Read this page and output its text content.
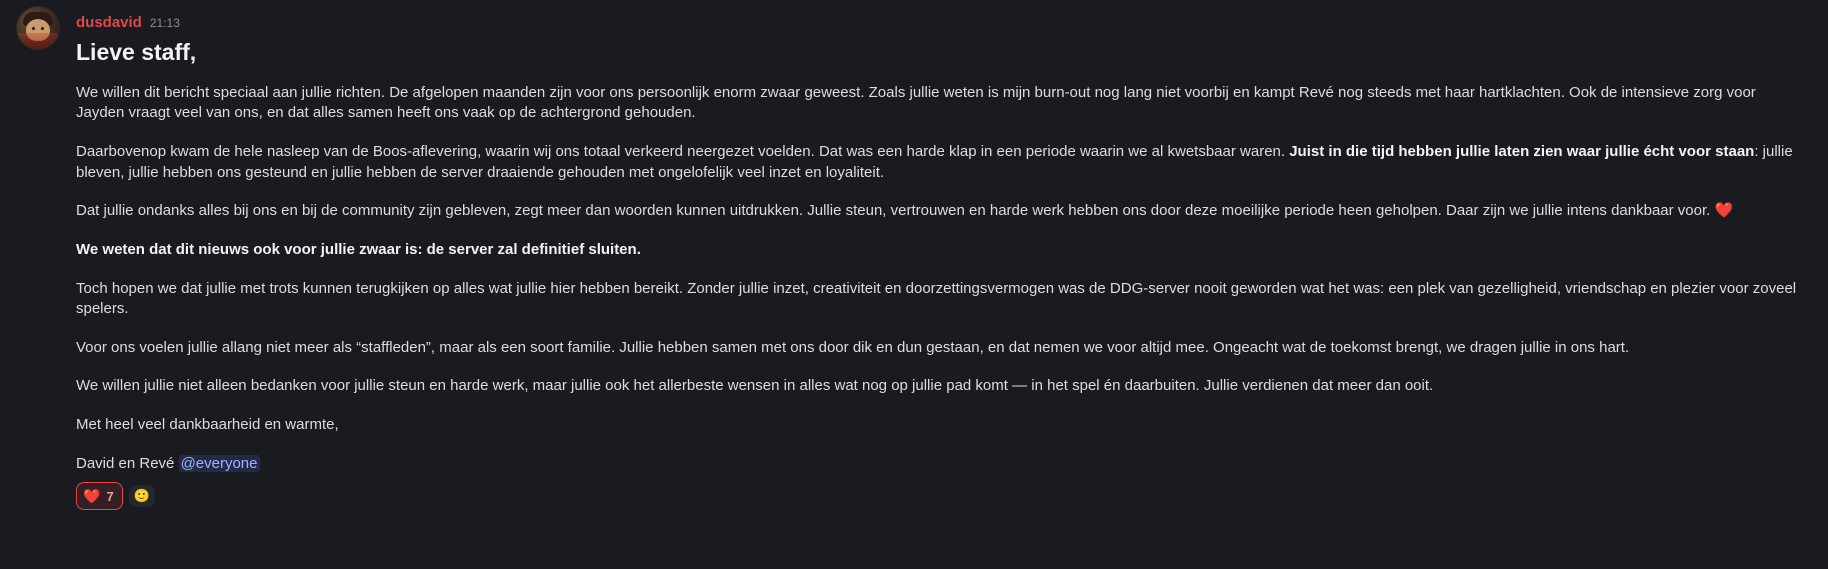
dusdavid 21:13
Lieve staff,
We willen dit bericht speciaal aan jullie richten. De afgelopen maanden zijn voor ons persoonlijk enorm zwaar geweest. Zoals jullie weten is mijn burn-out nog lang niet voorbij en kampt Revé nog steeds met haar hartklachten. Ook de intensieve zorg voor Jayden vraagt veel van ons, en dat alles samen heeft ons vaak op de achtergrond gehouden.
Daarbovenop kwam de hele nasleep van de Boos-aflevering, waarin wij ons totaal verkeerd neergezet voelden. Dat was een harde klap in een periode waarin we al kwetsbaar waren. Juist in die tijd hebben jullie laten zien waar jullie écht voor staan: jullie bleven, jullie hebben ons gesteund en jullie hebben de server draaiende gehouden met ongelofelijk veel inzet en loyaliteit.
Dat jullie ondanks alles bij ons en bij de community zijn gebleven, zegt meer dan woorden kunnen uitdrukken. Jullie steun, vertrouwen en harde werk hebben ons door deze moeilijke periode heen geholpen. Daar zijn we jullie intens dankbaar voor. ❤️
We weten dat dit nieuws ook voor jullie zwaar is: de server zal definitief sluiten.
Toch hopen we dat jullie met trots kunnen terugkijken op alles wat jullie hier hebben bereikt. Zonder jullie inzet, creativiteit en doorzettingsvermogen was de DDG-server nooit geworden wat het was: een plek van gezelligheid, vriendschap en plezier voor zoveel spelers.
Voor ons voelen jullie allang niet meer als “staffleden”, maar als een soort familie. Jullie hebben samen met ons door dik en dun gestaan, en dat nemen we voor altijd mee. Ongeacht wat de toekomst brengt, we dragen jullie in ons hart.
We willen jullie niet alleen bedanken voor jullie steun en harde werk, maar jullie ook het allerbeste wensen in alles wat nog op jullie pad komt — in het spel én daarbuiten. Jullie verdienen dat meer dan ooit.
Met heel veel dankbaarheid en warmte,
David en Revé @everyone
❤️ 7	🙂
